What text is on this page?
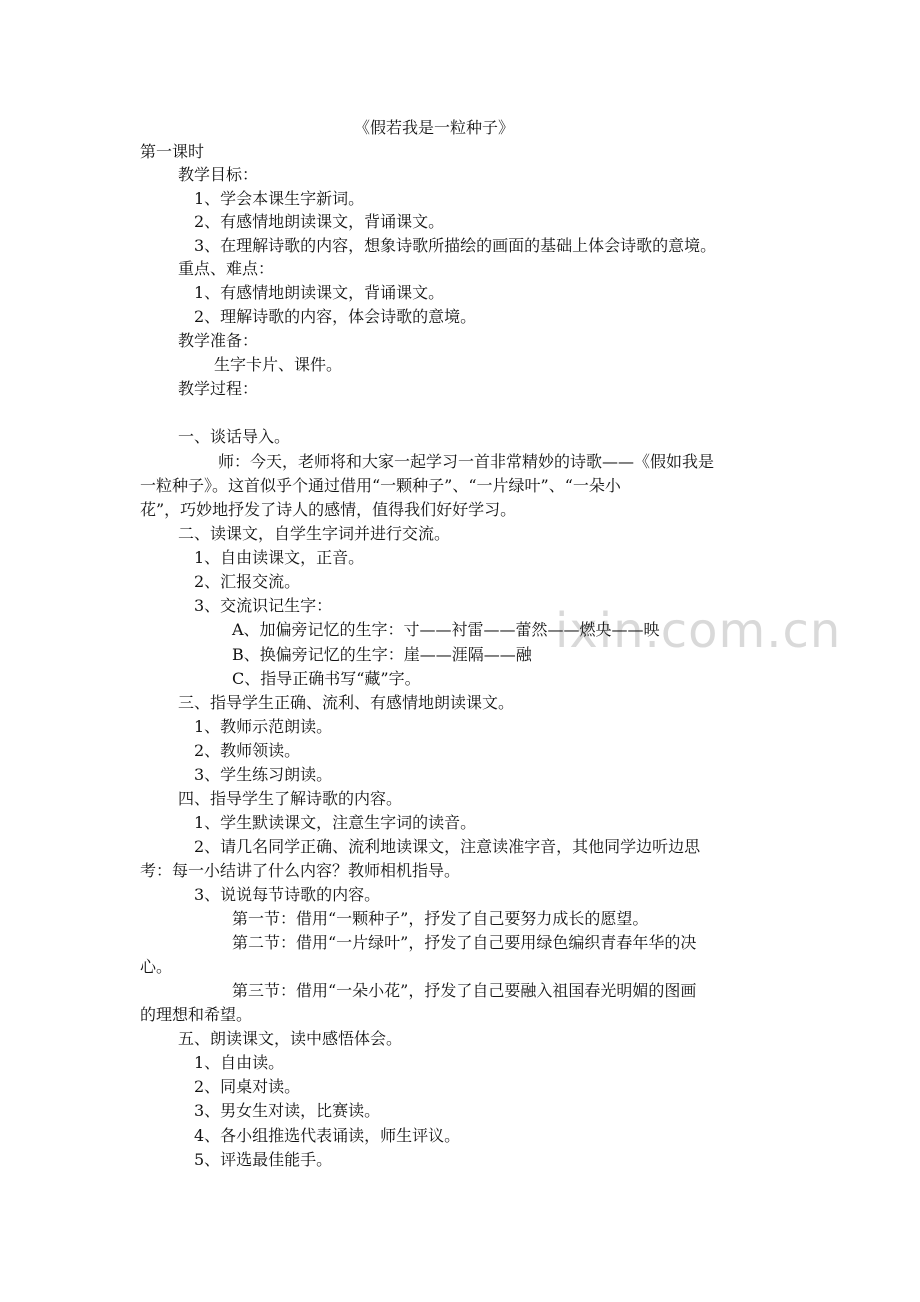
ixin.com.cn

《假若我是一粒种子》

第一课时

教学目标：

1、学会本课生字新词。

2、有感情地朗读课文，背诵课文。

3、在理解诗歌的内容，想象诗歌所描绘的画面的基础上体会诗歌的意境。

重点、难点：

1、有感情地朗读课文，背诵课文。

2、理解诗歌的内容，体会诗歌的意境。

教学准备：

生字卡片、课件。

教学过程：

一、谈话导入。

师：今天，老师将和大家一起学习一首非常精妙的诗歌——《假如我是

一粒种子》。这首似乎个通过借用“一颗种子”、“一片绿叶”、“一朵小

花”，巧妙地抒发了诗人的感情，值得我们好好学习。

二、读课文，自学生字词并进行交流。

1、自由读课文，正音。

2、汇报交流。

3、交流识记生字：

A、加偏旁记忆的生字：寸——衬雷——蕾然——燃央——映

B、换偏旁记忆的生字：崖——涯隔——融

C、指导正确书写“藏”字。

三、指导学生正确、流利、有感情地朗读课文。

1、教师示范朗读。

2、教师领读。

3、学生练习朗读。

四、指导学生了解诗歌的内容。

1、学生默读课文，注意生字词的读音。

2、请几名同学正确、流利地读课文，注意读准字音，其他同学边听边思

考：每一小结讲了什么内容？教师相机指导。

3、说说每节诗歌的内容。

第一节：借用“一颗种子”，抒发了自己要努力成长的愿望。

第二节：借用“一片绿叶”，抒发了自己要用绿色编织青春年华的决

心。

第三节：借用“一朵小花”，抒发了自己要融入祖国春光明媚的图画

的理想和希望。

五、朗读课文，读中感悟体会。

1、自由读。

2、同桌对读。

3、男女生对读，比赛读。

4、各小组推选代表诵读，师生评议。

5、评选最佳能手。
